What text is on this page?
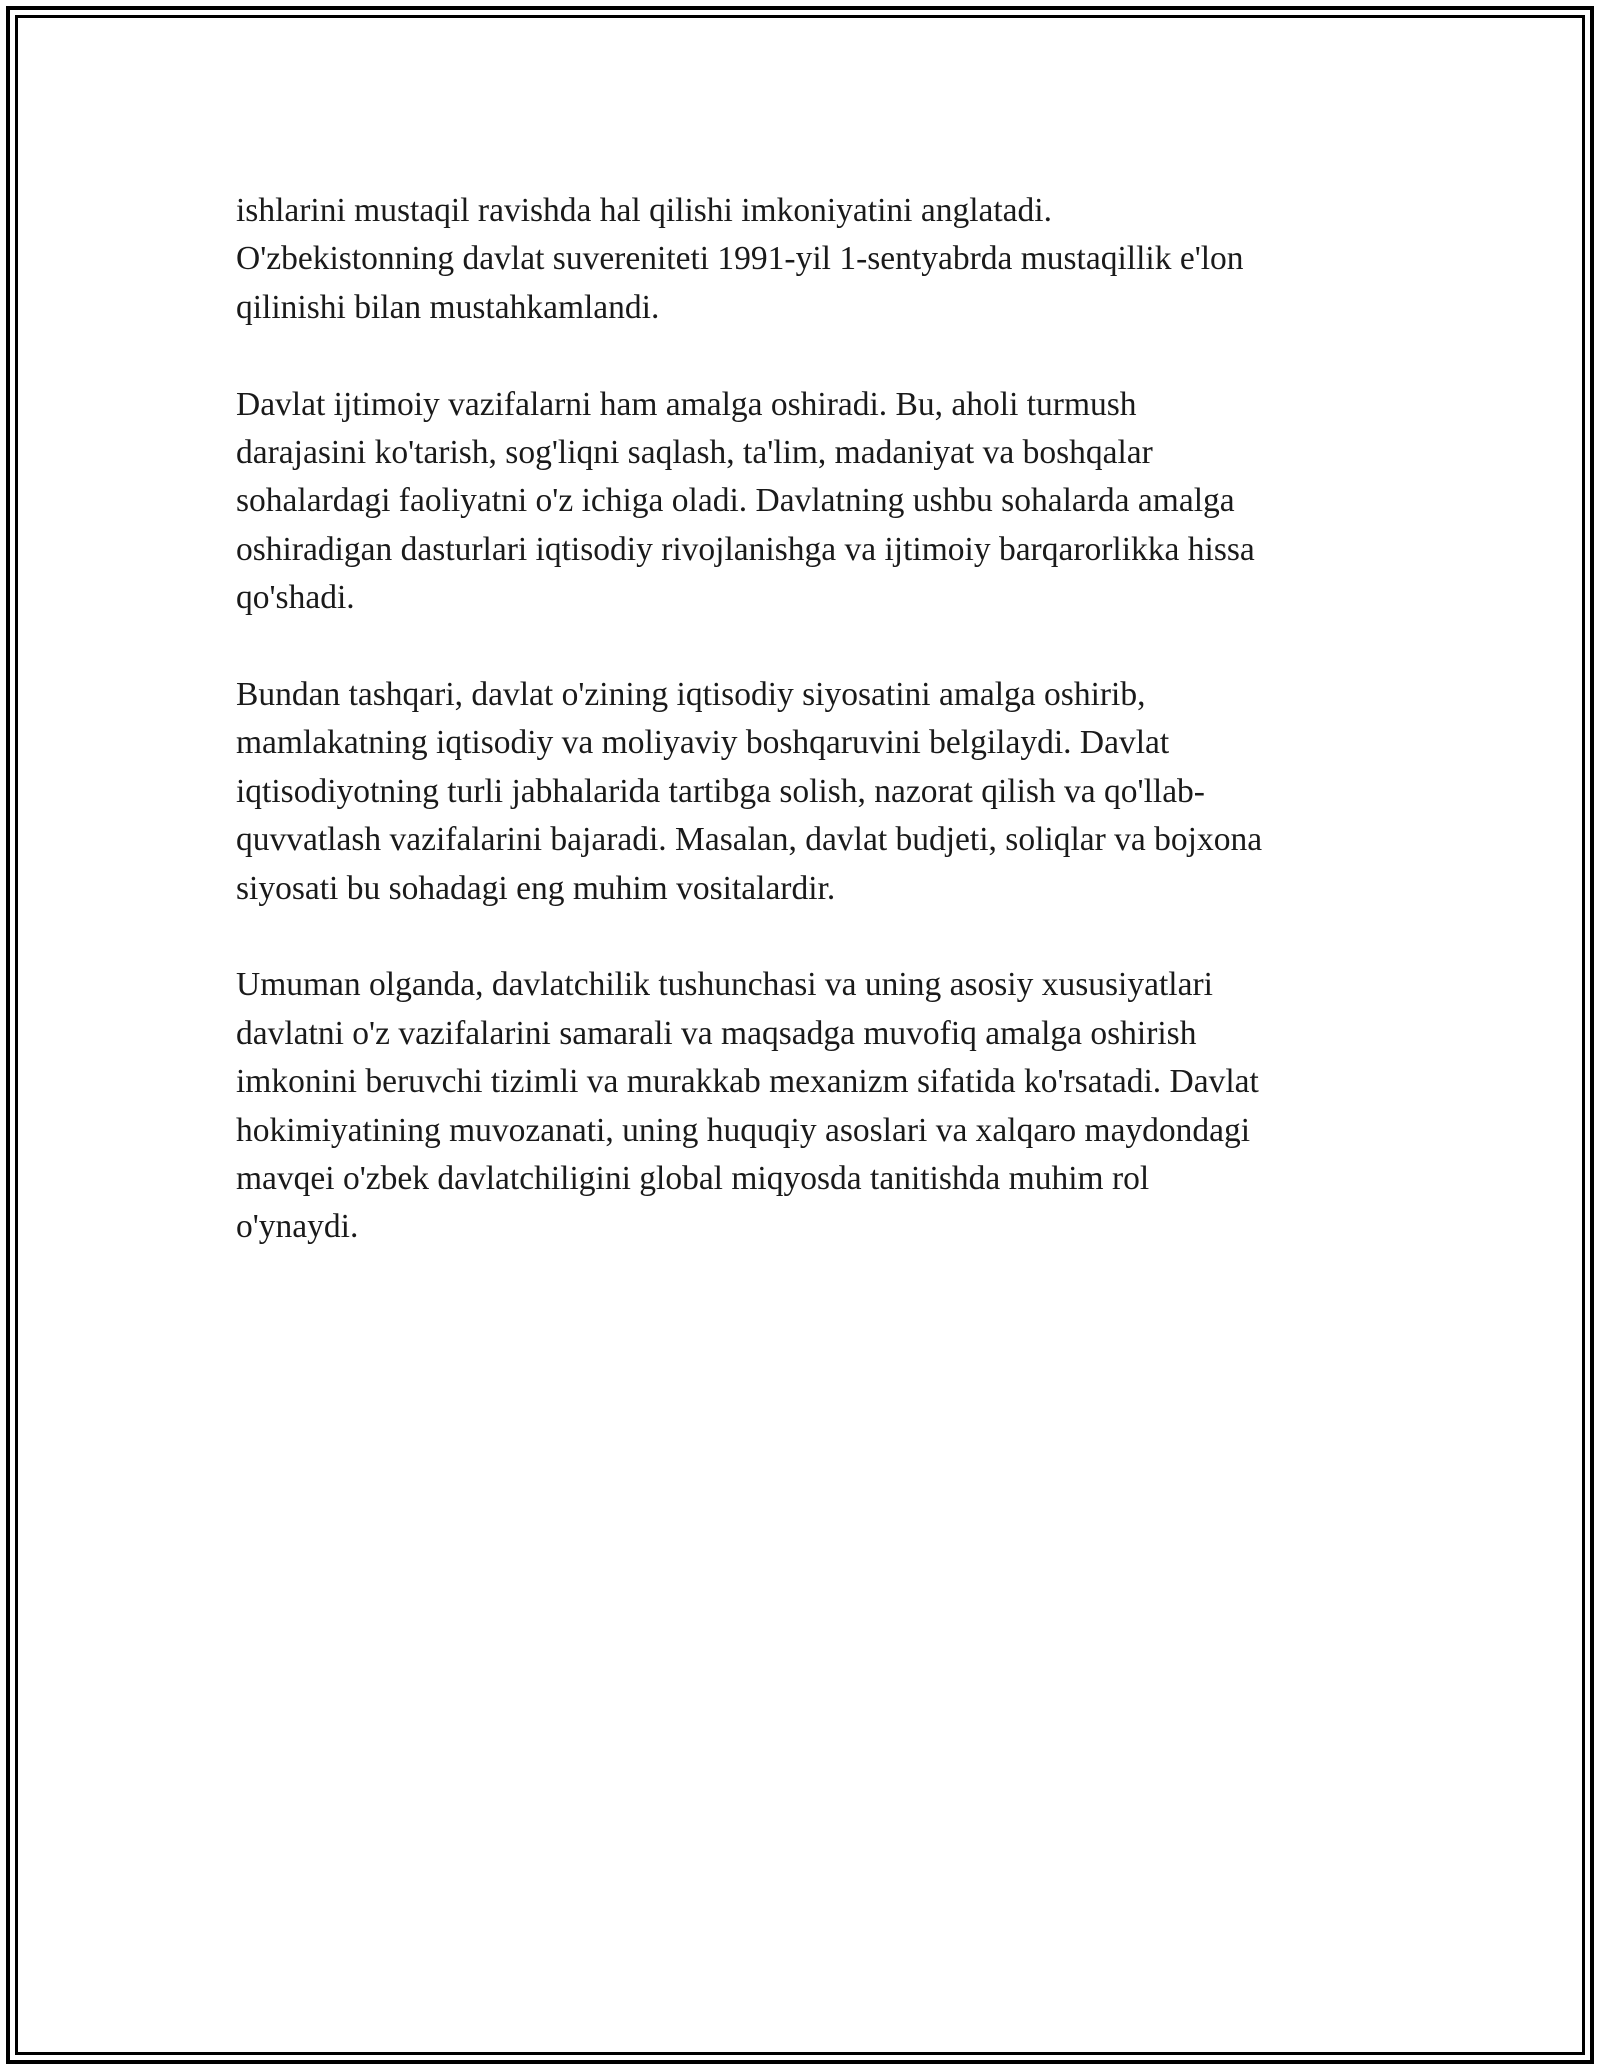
ishlarini mustaqil ravishda hal qilishi imkoniyatini anglatadi.
O'zbekistonning davlat suvereniteti 1991-yil 1-sentyabrda mustaqillik e'lon
qilinishi bilan mustahkamlandi.

Davlat ijtimoiy vazifalarni ham amalga oshiradi. Bu, aholi turmush
darajasini ko'tarish, sog'liqni saqlash, ta'lim, madaniyat va boshqalar
sohalardagi faoliyatni o'z ichiga oladi. Davlatning ushbu sohalarda amalga
oshiradigan dasturlari iqtisodiy rivojlanishga va ijtimoiy barqarorlikka hissa
qo'shadi.

Bundan tashqari, davlat o'zining iqtisodiy siyosatini amalga oshirib,
mamlakatning iqtisodiy va moliyaviy boshqaruvini belgilaydi. Davlat
iqtisodiyotning turli jabhalarida tartibga solish, nazorat qilish va qo'llab-
quvvatlash vazifalarini bajaradi. Masalan, davlat budjeti, soliqlar va bojxona
siyosati bu sohadagi eng muhim vositalardir.

Umuman olganda, davlatchilik tushunchasi va uning asosiy xususiyatlari
davlatni o'z vazifalarini samarali va maqsadga muvofiq amalga oshirish
imkonini beruvchi tizimli va murakkab mexanizm sifatida ko'rsatadi. Davlat
hokimiyatining muvozanati, uning huquqiy asoslari va xalqaro maydondagi
mavqei o'zbek davlatchiligini global miqyosda tanitishda muhim rol
o'ynaydi.
